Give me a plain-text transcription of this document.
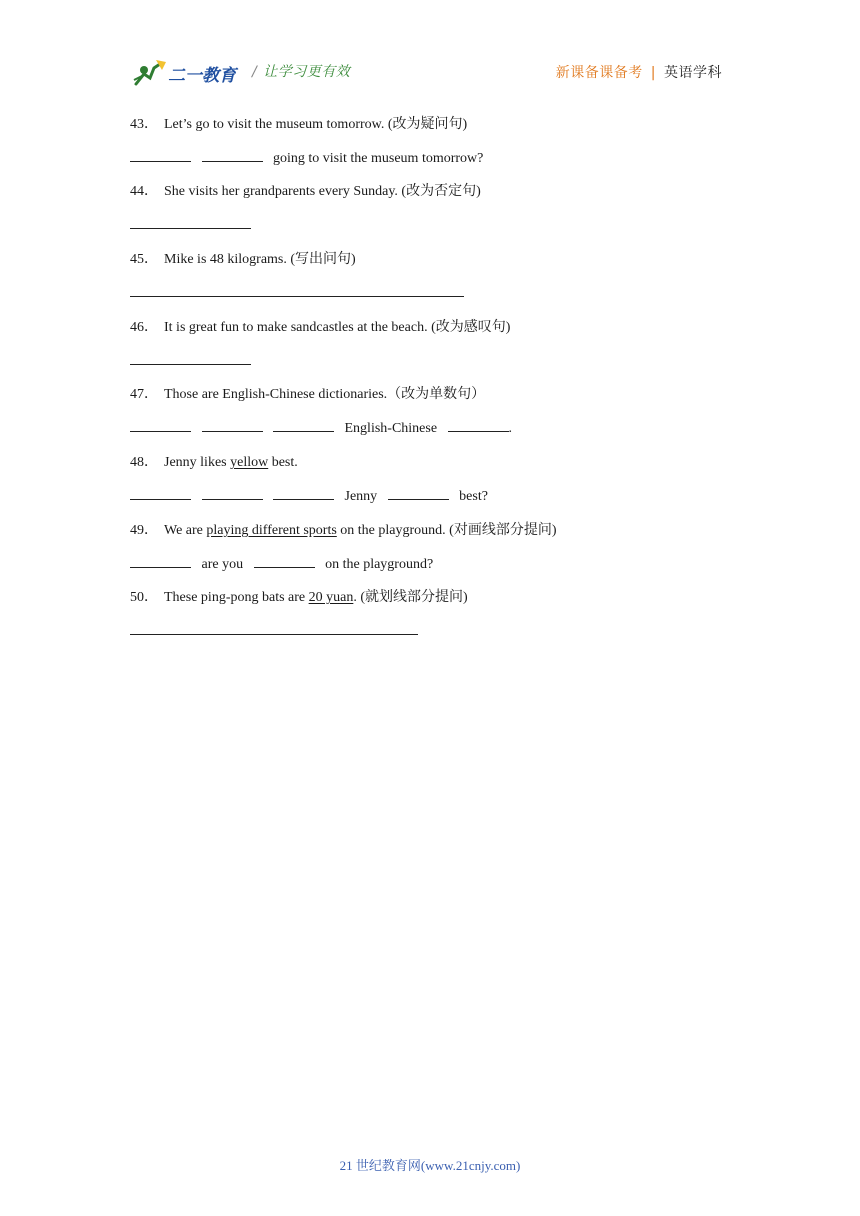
二一教育 / 让学习更有效	新课备课备考 | 英语学科
43． Let’s go to visit the museum tomorrow. (改为疑问句)
going to visit the museum tomorrow?
44． She visits her grandparents every Sunday. (改为否定句)
45． Mike is 48 kilograms. (写出问句)
46． It is great fun to make sandcastles at the beach. (改为感叹句)
47． Those are English-Chinese dictionaries.（改为单数句）
English-Chinese	.
48． Jenny likes yellow best.
Jenny	best?
49． We are playing different sports on the playground. (对画线部分提问)
are you	on the playground?
50． These ping-pong bats are 20 yuan. (就划线部分提问)
21 世纪教育网(www.21cnjy.com)
